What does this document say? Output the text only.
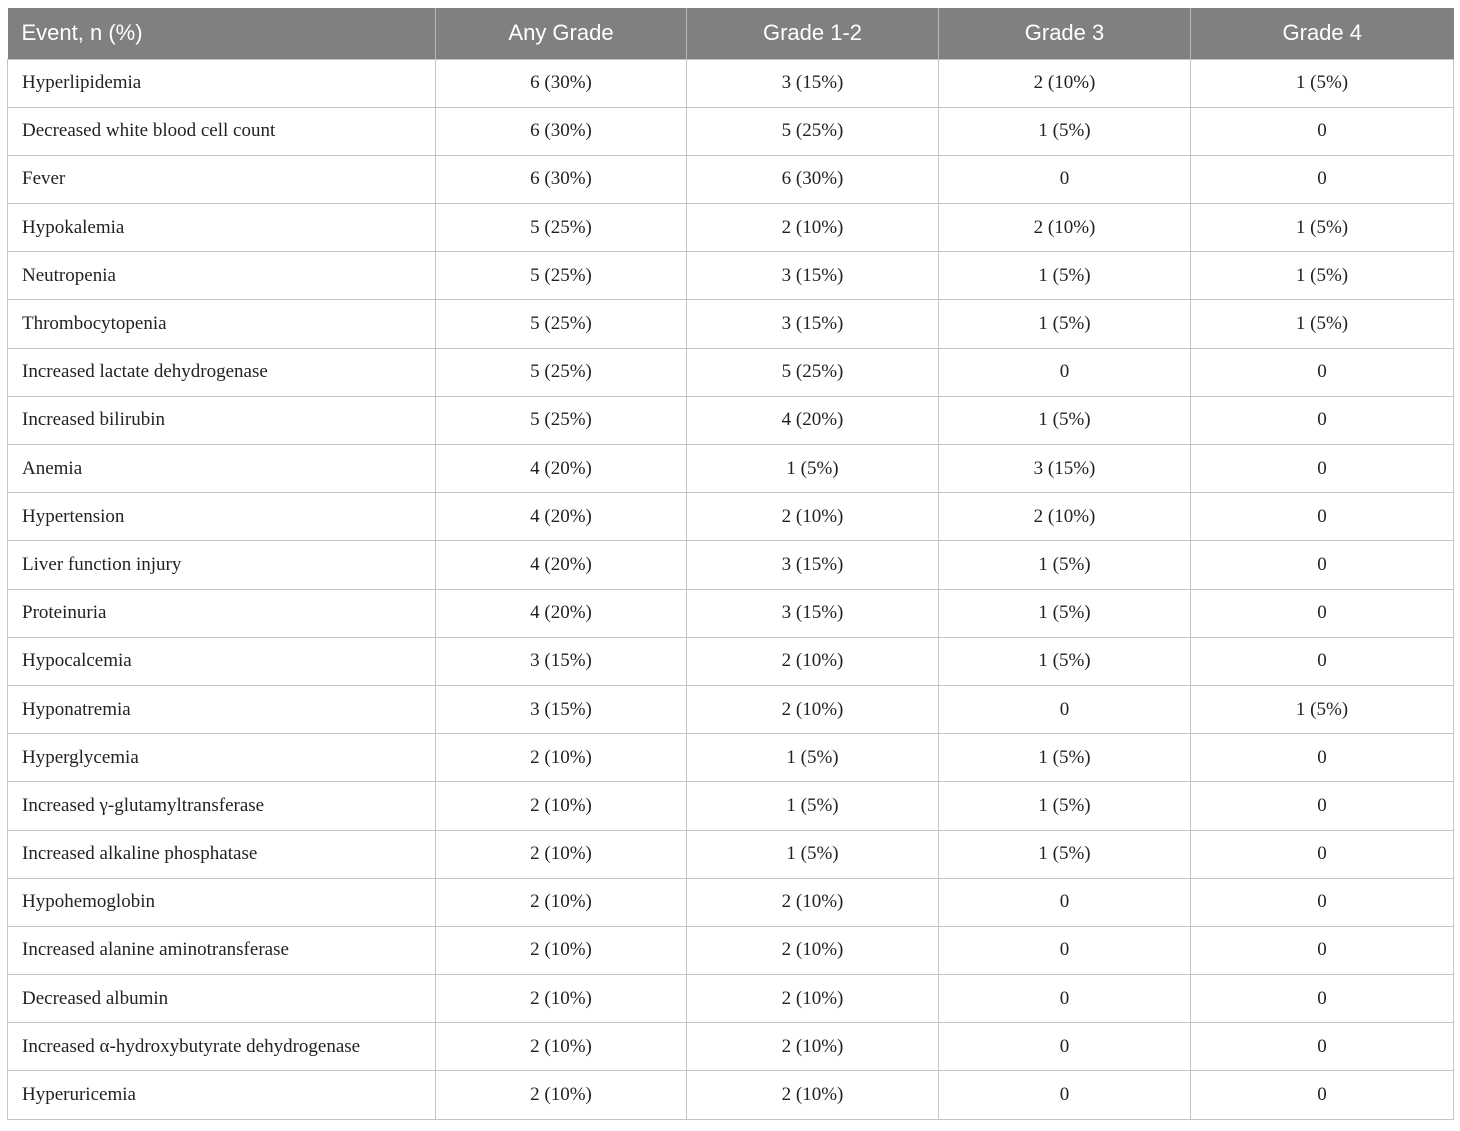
Event, n (%)	Any Grade	Grade 1-2	Grade 3	Grade 4
Hyperlipidemia	6 (30%)	3 (15%)	2 (10%)	1 (5%)
Decreased white blood cell count	6 (30%)	5 (25%)	1 (5%)	0
Fever	6 (30%)	6 (30%)	0	0
Hypokalemia	5 (25%)	2 (10%)	2 (10%)	1 (5%)
Neutropenia	5 (25%)	3 (15%)	1 (5%)	1 (5%)
Thrombocytopenia	5 (25%)	3 (15%)	1 (5%)	1 (5%)
Increased lactate dehydrogenase	5 (25%)	5 (25%)	0	0
Increased bilirubin	5 (25%)	4 (20%)	1 (5%)	0
Anemia	4 (20%)	1 (5%)	3 (15%)	0
Hypertension	4 (20%)	2 (10%)	2 (10%)	0
Liver function injury	4 (20%)	3 (15%)	1 (5%)	0
Proteinuria	4 (20%)	3 (15%)	1 (5%)	0
Hypocalcemia	3 (15%)	2 (10%)	1 (5%)	0
Hyponatremia	3 (15%)	2 (10%)	0	1 (5%)
Hyperglycemia	2 (10%)	1 (5%)	1 (5%)	0
Increased γ-glutamyltransferase	2 (10%)	1 (5%)	1 (5%)	0
Increased alkaline phosphatase	2 (10%)	1 (5%)	1 (5%)	0
Hypohemoglobin	2 (10%)	2 (10%)	0	0
Increased alanine aminotransferase	2 (10%)	2 (10%)	0	0
Decreased albumin	2 (10%)	2 (10%)	0	0
Increased α-hydroxybutyrate dehydrogenase	2 (10%)	2 (10%)	0	0
Hyperuricemia	2 (10%)	2 (10%)	0	0
